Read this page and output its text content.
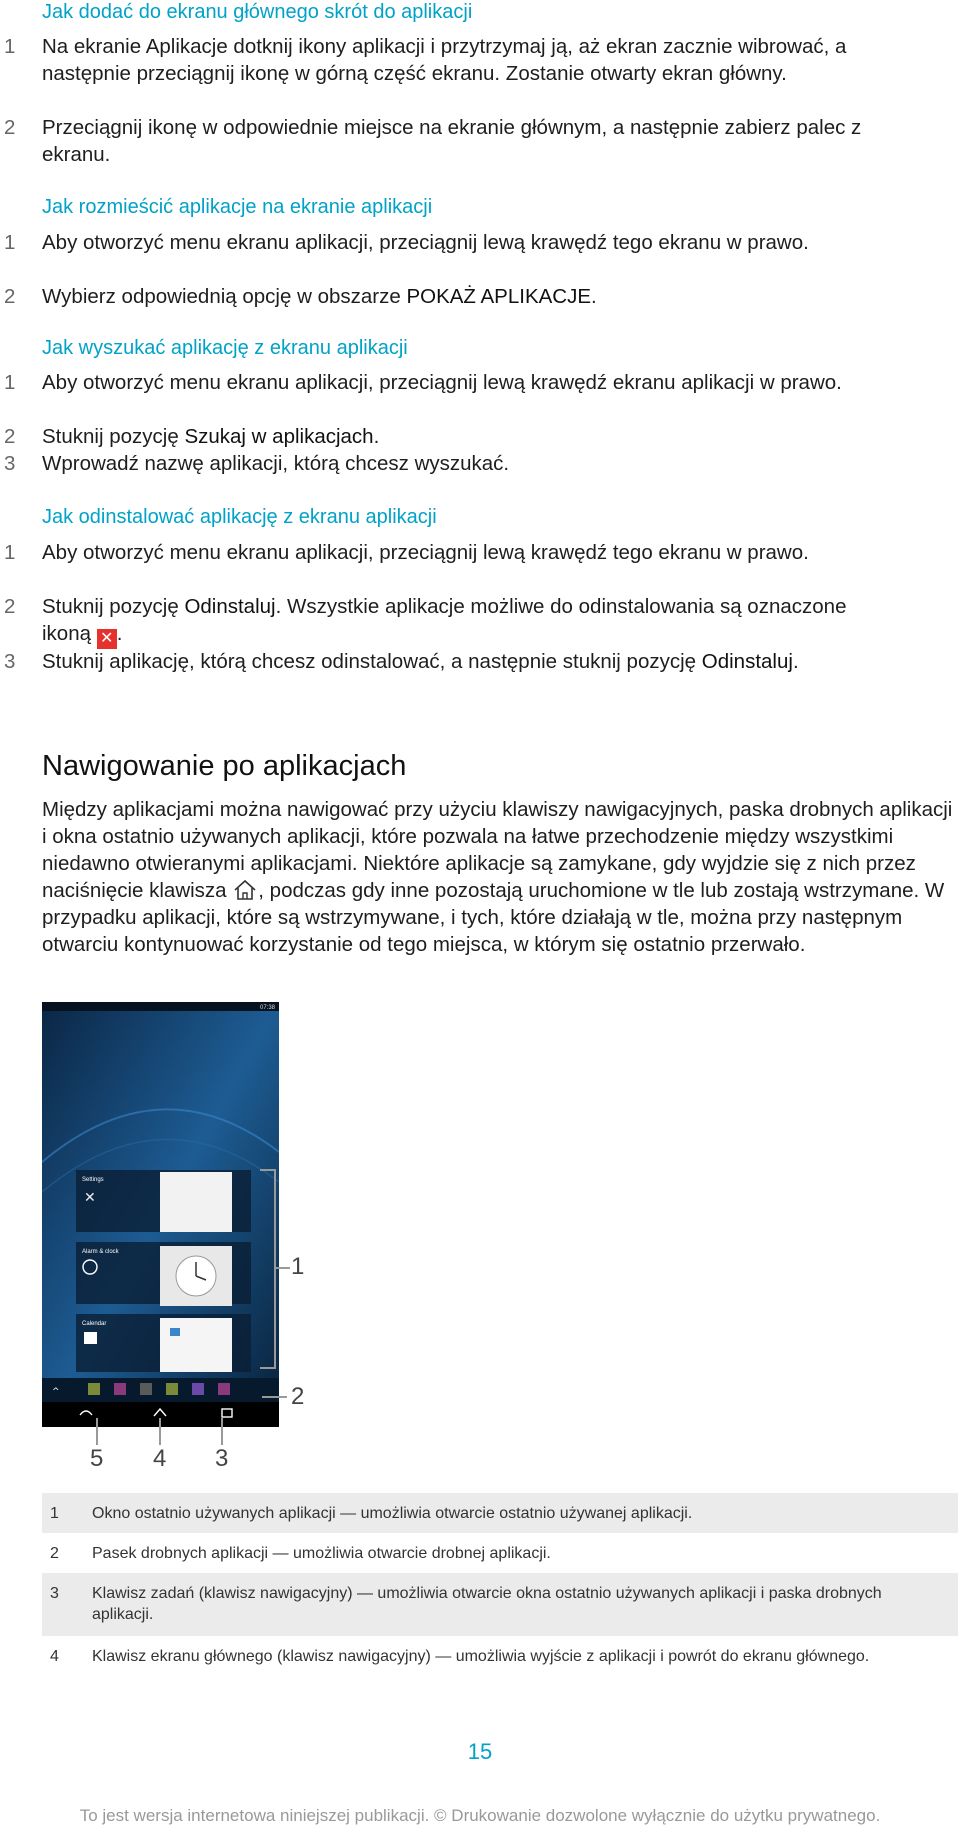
Jak dodać do ekranu głównego skrót do aplikacji
1	Na ekranie Aplikacje dotknij ikony aplikacji i przytrzymaj ją, aż ekran zacznie wibrować, a następnie przeciągnij ikonę w górną część ekranu. Zostanie otwarty ekran główny.
2	Przeciągnij ikonę w odpowiednie miejsce na ekranie głównym, a następnie zabierz palec z ekranu.
Jak rozmieścić aplikacje na ekranie aplikacji
1	Aby otworzyć menu ekranu aplikacji, przeciągnij lewą krawędź tego ekranu w prawo.
2	Wybierz odpowiednią opcję w obszarze POKAŻ APLIKACJE.
Jak wyszukać aplikację z ekranu aplikacji
1	Aby otworzyć menu ekranu aplikacji, przeciągnij lewą krawędź ekranu aplikacji w prawo.
2	Stuknij pozycję Szukaj w aplikacjach.
3	Wprowadź nazwę aplikacji, którą chcesz wyszukać.
Jak odinstalować aplikację z ekranu aplikacji
1	Aby otworzyć menu ekranu aplikacji, przeciągnij lewą krawędź tego ekranu w prawo.
2	Stuknij pozycję Odinstaluj. Wszystkie aplikacje możliwe do odinstalowania są oznaczone ikoną ✕ .
3	Stuknij aplikację, którą chcesz odinstalować, a następnie stuknij pozycję Odinstaluj.
Nawigowanie po aplikacjach
Między aplikacjami można nawigować przy użyciu klawiszy nawigacyjnych, paska drobnych aplikacji i okna ostatnio używanych aplikacji, które pozwala na łatwe przechodzenie między wszystkimi niedawno otwieranymi aplikacjami. Niektóre aplikacje są zamykane, gdy wyjdzie się z nich przez naciśnięcie klawisza , podczas gdy inne pozostają uruchomione w tle lub zostają wstrzymane. W przypadku aplikacji, które są wstrzymywane, i tych, które działają w tle, można przy następnym otwarciu kontynuować korzystanie od tego miejsca, w którym się ostatnio przerwało.
07:38
Settings
✕
Alarm & clock
Calendar
^
1
2
5 4 3
1 Okno ostatnio używanych aplikacji — umożliwia otwarcie ostatnio używanej aplikacji.
2 Pasek drobnych aplikacji — umożliwia otwarcie drobnej aplikacji.
3 Klawisz zadań (klawisz nawigacyjny) — umożliwia otwarcie okna ostatnio używanych aplikacji i paska drobnych aplikacji.
4 Klawisz ekranu głównego (klawisz nawigacyjny) — umożliwia wyjście z aplikacji i powrót do ekranu głównego.
15
To jest wersja internetowa niniejszej publikacji. © Drukowanie dozwolone wyłącznie do użytku prywatnego.
